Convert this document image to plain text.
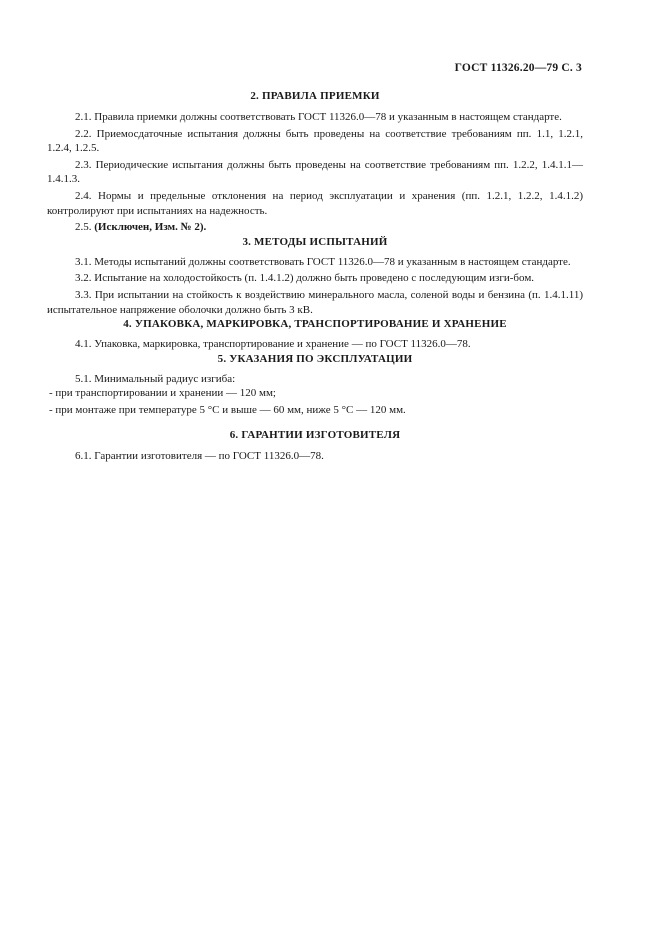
ГОСТ 11326.20—79 С. 3
2. ПРАВИЛА ПРИЕМКИ

2.1. Правила приемки должны соответствовать ГОСТ 11326.0—78 и указанным в настоящем стандарте.

2.2. Приемосдаточные испытания должны быть проведены на соответствие требованиям пп. 1.1, 1.2.1, 1.2.4, 1.2.5.

2.3. Периодические испытания должны быть проведены на соответствие требованиям пп. 1.2.2, 1.4.1.1—1.4.1.3.

2.4. Нормы и предельные отклонения на период эксплуатации и хранения (пп. 1.2.1, 1.2.2, 1.4.1.2) контролируют при испытаниях на надежность.

2.5. (Исключен, Изм. № 2).

3. МЕТОДЫ ИСПЫТАНИЙ

3.1. Методы испытаний должны соответствовать ГОСТ 11326.0—78 и указанным в настоящем стандарте.

3.2. Испытание на холодостойкость (п. 1.4.1.2) должно быть проведено с последующим изги-бом.

3.3. При испытании на стойкость к воздействию минерального масла, соленой воды и бензина (п. 1.4.1.11) испытательное напряжение оболочки должно быть 3 кВ.

4. УПАКОВКА, МАРКИРОВКА, ТРАНСПОРТИРОВАНИЕ И ХРАНЕНИЕ

4.1. Упаковка, маркировка, транспортирование и хранение — по ГОСТ 11326.0—78.

5. УКАЗАНИЯ ПО ЭКСПЛУАТАЦИИ

5.1. Минимальный радиус изгиба:

- при транспортировании и хранении — 120 мм;

- при монтаже при температуре 5 °С и выше — 60 мм, ниже 5 °С — 120 мм.

6. ГАРАНТИИ ИЗГОТОВИТЕЛЯ

6.1. Гарантии изготовителя — по ГОСТ 11326.0—78.
